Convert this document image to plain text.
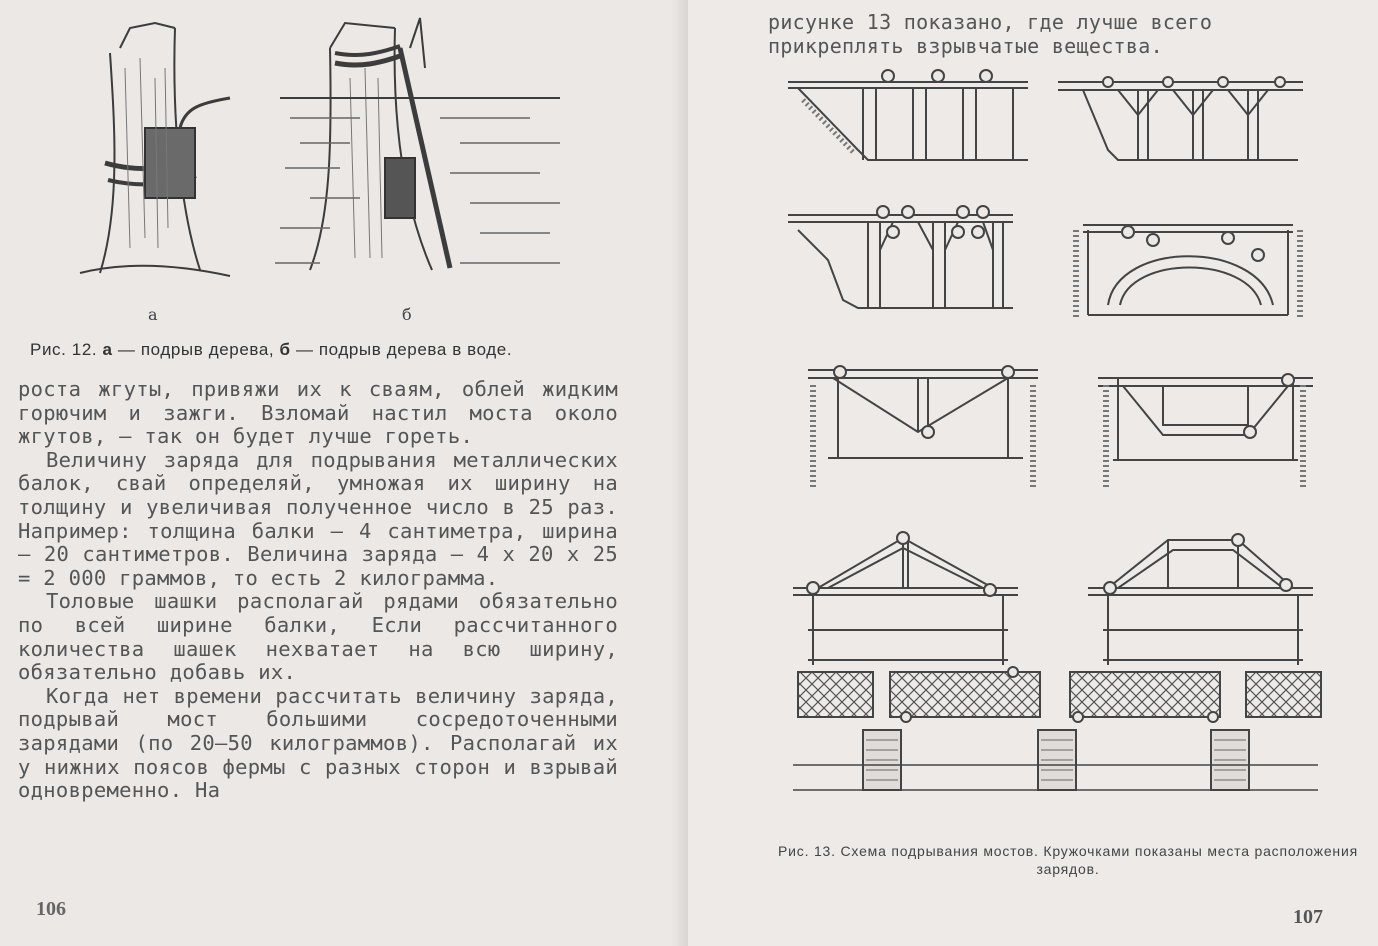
а	б
Рис. 12. а — подрыв дерева, б — подрыв дерева в воде.

роста жгуты, привяжи их к сваям, облей жидким горючим и зажги. Взломай настил моста около жгутов, — так он будет лучше гореть.

Величину заряда для подрывания металлических балок, свай определяй, умножая их ширину на толщину и увеличивая полученное число в 25 раз. Например: толщина балки — 4 сантиметра, ширина — 20 сантиметров. Величина заряда — 4 х 20 х 25 = 2 000 граммов, то есть 2 килограмма.

Толовые шашки располагай рядами обязательно по всей ширине балки, Если рассчитанного количества шашек нехватает на всю ширину, обязательно добавь их.

Когда нет времени рассчитать величину заряда, подрывай мост большими сосредоточенными зарядами (по 20—50 килограммов). Располагай их у нижних поясов фермы с разных сторон и взрывай одновременно. На

106

рисунке 13 показано, где лучше всего прикреплять взрывчатые вещества.

Рис. 13. Схема подрывания мостов. Кружочками показаны места расположения зарядов.
107
